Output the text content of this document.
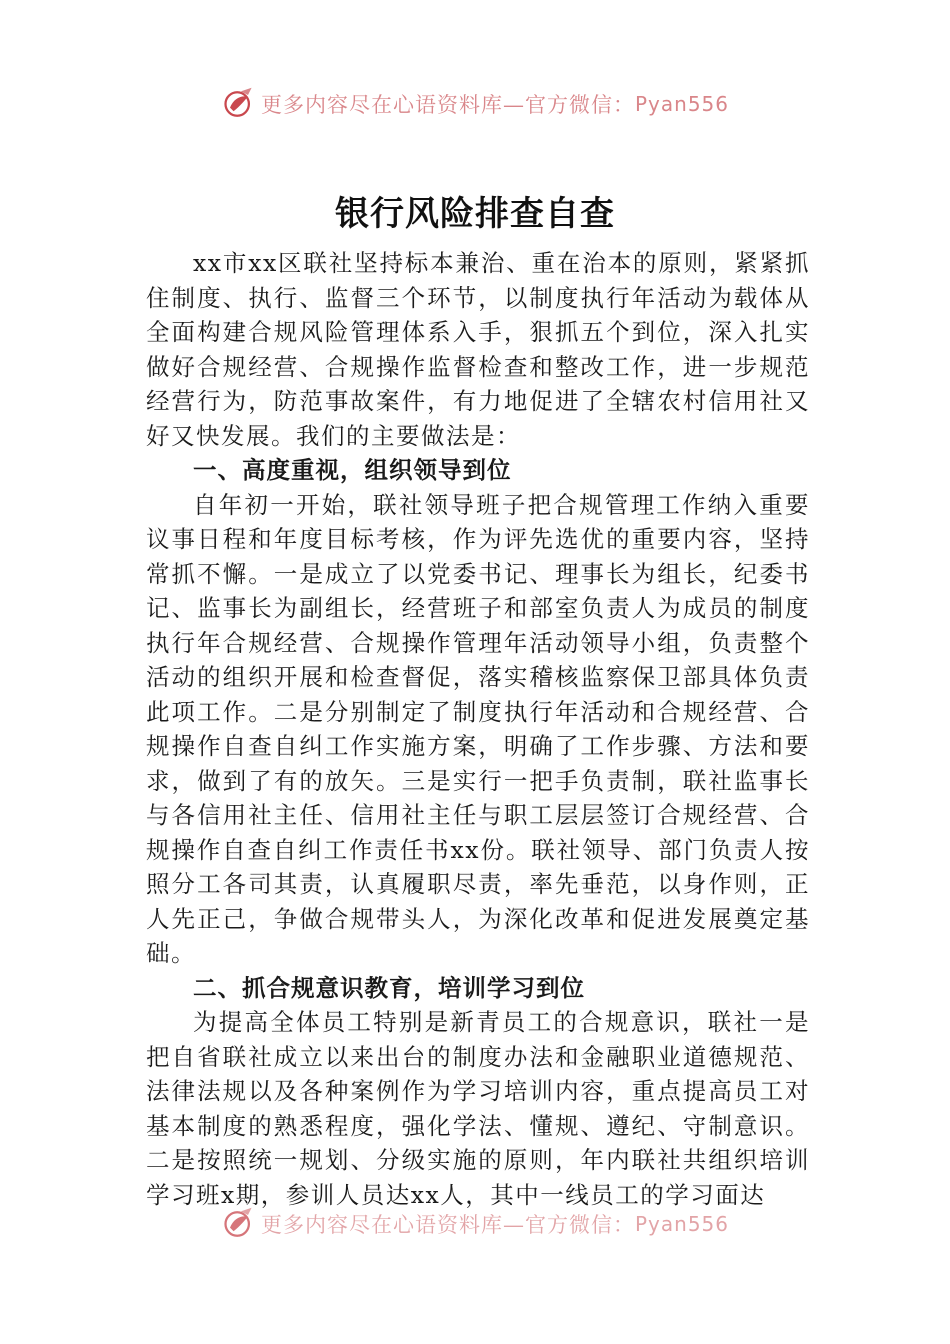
更多内容尽在心语资料库—官方微信： Pyan556
银行风险排查自查

xx市xx区联社坚持标本兼治、重在治本的原则，紧紧抓住制度、执行、监督三个环节，以制度执行年活动为载体从全面构建合规风险管理体系入手，狠抓五个到位，深入扎实做好合规经营、合规操作监督检查和整改工作，进一步规范经营行为，防范事故案件，有力地促进了全辖农村信用社又好又快发展。我们的主要做法是：

一、高度重视，组织领导到位

自年初一开始，联社领导班子把合规管理工作纳入重要议事日程和年度目标考核，作为评先选优的重要内容，坚持常抓不懈。一是成立了以党委书记、理事长为组长，纪委书记、监事长为副组长，经营班子和部室负责人为成员的制度执行年合规经营、合规操作管理年活动领导小组，负责整个活动的组织开展和检查督促，落实稽核监察保卫部具体负责此项工作。二是分别制定了制度执行年活动和合规经营、合规操作自查自纠工作实施方案，明确了工作步骤、方法和要求，做到了有的放矢。三是实行一把手负责制，联社监事长与各信用社主任、信用社主任与职工层层签订合规经营、合规操作自查自纠工作责任书xx份。联社领导、部门负责人按照分工各司其责，认真履职尽责，率先垂范，以身作则，正人先正己，争做合规带头人，为深化改革和促进发展奠定基础。

二、抓合规意识教育，培训学习到位

为提高全体员工特别是新青员工的合规意识，联社一是把自省联社成立以来出台的制度办法和金融职业道德规范、法律法规以及各种案例作为学习培训内容，重点提高员工对基本制度的熟悉程度，强化学法、懂规、遵纪、守制意识。二是按照统一规划、分级实施的原则，年内联社共组织培训学习班x期，参训人员达xx人，其中一线员工的学习面达

更多内容尽在心语资料库—官方微信： Pyan556
